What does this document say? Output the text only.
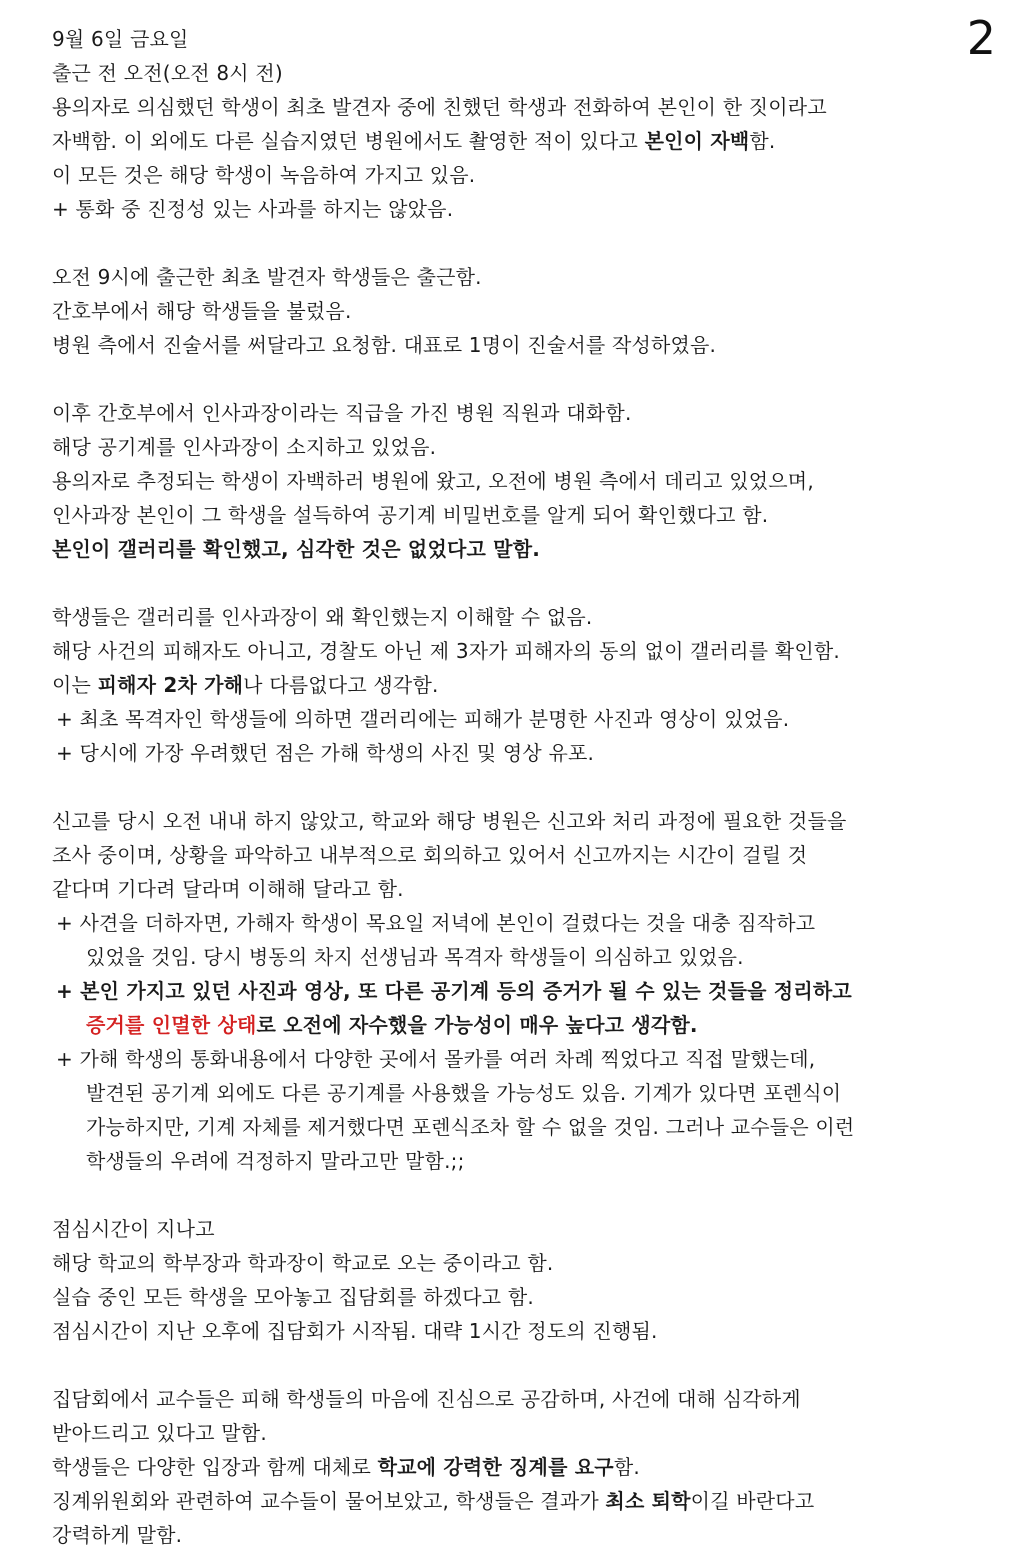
2
9월 6일 금요일
출근 전 오전(오전 8시 전)
용의자로 의심했던 학생이 최초 발견자 중에 친했던 학생과 전화하여 본인이 한 짓이라고
자백함. 이 외에도 다른 실습지였던 병원에서도 촬영한 적이 있다고 본인이 자백함.
이 모든 것은 해당 학생이 녹음하여 가지고 있음.
+ 통화 중 진정성 있는 사과를 하지는 않았음.
오전 9시에 출근한 최초 발견자 학생들은 출근함.
간호부에서 해당 학생들을 불렀음.
병원 측에서 진술서를 써달라고 요청함. 대표로 1명이 진술서를 작성하였음.
이후 간호부에서 인사과장이라는 직급을 가진 병원 직원과 대화함.
해당 공기계를 인사과장이 소지하고 있었음.
용의자로 추정되는 학생이 자백하러 병원에 왔고, 오전에 병원 측에서 데리고 있었으며,
인사과장 본인이 그 학생을 설득하여 공기계 비밀번호를 알게 되어 확인했다고 함.
본인이 갤러리를 확인했고, 심각한 것은 없었다고 말함.
학생들은 갤러리를 인사과장이 왜 확인했는지 이해할 수 없음.
해당 사건의 피해자도 아니고, 경찰도 아닌 제 3자가 피해자의 동의 없이 갤러리를 확인함.
이는 피해자 2차 가해나 다름없다고 생각함.
+ 최초 목격자인 학생들에 의하면 갤러리에는 피해가 분명한 사진과 영상이 있었음.
+ 당시에 가장 우려했던 점은 가해 학생의 사진 및 영상 유포.
신고를 당시 오전 내내 하지 않았고, 학교와 해당 병원은 신고와 처리 과정에 필요한 것들을
조사 중이며, 상황을 파악하고 내부적으로 회의하고 있어서 신고까지는 시간이 걸릴 것
같다며 기다려 달라며 이해해 달라고 함.
+ 사견을 더하자면, 가해자 학생이 목요일 저녁에 본인이 걸렸다는 것을 대충 짐작하고
있었을 것임. 당시 병동의 차지 선생님과 목격자 학생들이 의심하고 있었음.
+ 본인 가지고 있던 사진과 영상, 또 다른 공기계 등의 증거가 될 수 있는 것들을 정리하고
증거를 인멸한 상태로 오전에 자수했을 가능성이 매우 높다고 생각함.
+ 가해 학생의 통화내용에서 다양한 곳에서 몰카를 여러 차례 찍었다고 직접 말했는데,
발견된 공기계 외에도 다른 공기계를 사용했을 가능성도 있음. 기계가 있다면 포렌식이
가능하지만, 기계 자체를 제거했다면 포렌식조차 할 수 없을 것임. 그러나 교수들은 이런
학생들의 우려에 걱정하지 말라고만 말함.;;
점심시간이 지나고
해당 학교의 학부장과 학과장이 학교로 오는 중이라고 함.
실습 중인 모든 학생을 모아놓고 집담회를 하겠다고 함.
점심시간이 지난 오후에 집담회가 시작됨. 대략 1시간 정도의 진행됨.
집담회에서 교수들은 피해 학생들의 마음에 진심으로 공감하며, 사건에 대해 심각하게
받아드리고 있다고 말함.
학생들은 다양한 입장과 함께 대체로 학교에 강력한 징계를 요구함.
징계위원회와 관련하여 교수들이 물어보았고, 학생들은 결과가 최소 퇴학이길 바란다고
강력하게 말함.
